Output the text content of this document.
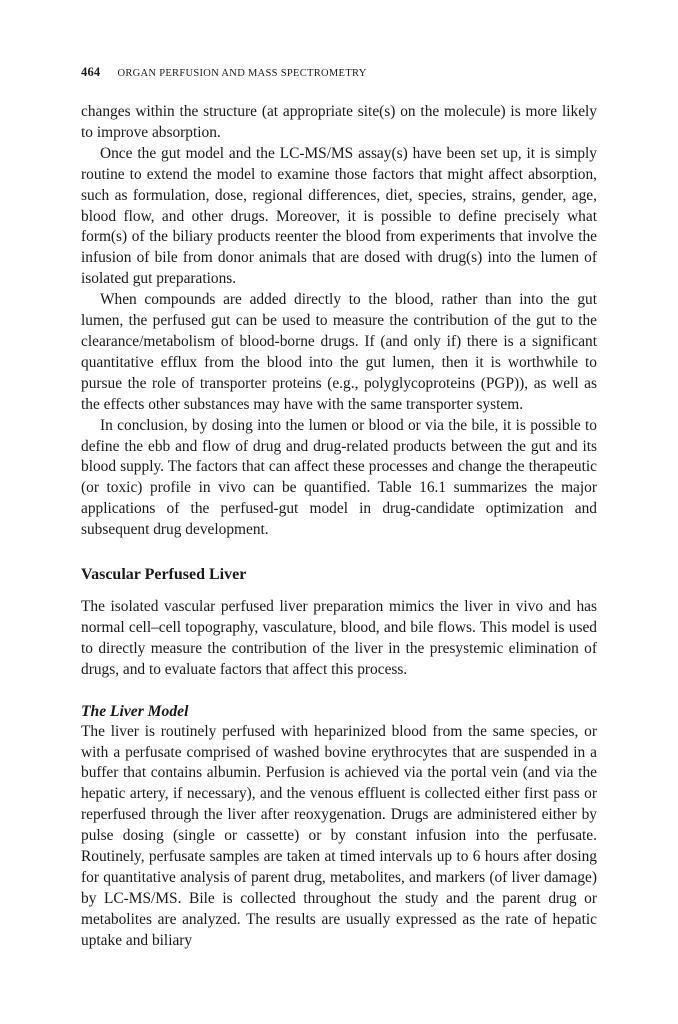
464 ORGAN PERFUSION AND MASS SPECTROMETRY

changes within the structure (at appropriate site(s) on the molecule) is more likely to improve absorption.

Once the gut model and the LC-MS/MS assay(s) have been set up, it is simply routine to extend the model to examine those factors that might affect absorption, such as formulation, dose, regional differences, diet, species, strains, gender, age, blood flow, and other drugs. Moreover, it is possible to define precisely what form(s) of the biliary products reenter the blood from experiments that involve the infusion of bile from donor animals that are dosed with drug(s) into the lumen of isolated gut preparations.

When compounds are added directly to the blood, rather than into the gut lumen, the perfused gut can be used to measure the contribution of the gut to the clearance/metabolism of blood-borne drugs. If (and only if) there is a significant quantitative efflux from the blood into the gut lumen, then it is worthwhile to pursue the role of transporter proteins (e.g., polyglycoproteins (PGP)), as well as the effects other substances may have with the same transporter system.

In conclusion, by dosing into the lumen or blood or via the bile, it is possible to define the ebb and flow of drug and drug-related products between the gut and its blood supply. The factors that can affect these processes and change the therapeutic (or toxic) profile in vivo can be quantified. Table 16.1 summarizes the major applications of the perfused-gut model in drug-candidate optimization and subsequent drug development.

Vascular Perfused Liver

The isolated vascular perfused liver preparation mimics the liver in vivo and has normal cell–cell topography, vasculature, blood, and bile flows. This model is used to directly measure the contribution of the liver in the presystemic elimination of drugs, and to evaluate factors that affect this process.

The Liver Model

The liver is routinely perfused with heparinized blood from the same species, or with a perfusate comprised of washed bovine erythrocytes that are suspended in a buffer that contains albumin. Perfusion is achieved via the portal vein (and via the hepatic artery, if necessary), and the venous effluent is collected either first pass or reperfused through the liver after reoxygenation. Drugs are administered either by pulse dosing (single or cassette) or by constant infusion into the perfusate. Routinely, perfusate samples are taken at timed intervals up to 6 hours after dosing for quantitative analysis of parent drug, metabolites, and markers (of liver damage) by LC-MS/MS. Bile is collected throughout the study and the parent drug or metabolites are analyzed. The results are usually expressed as the rate of hepatic uptake and biliary
